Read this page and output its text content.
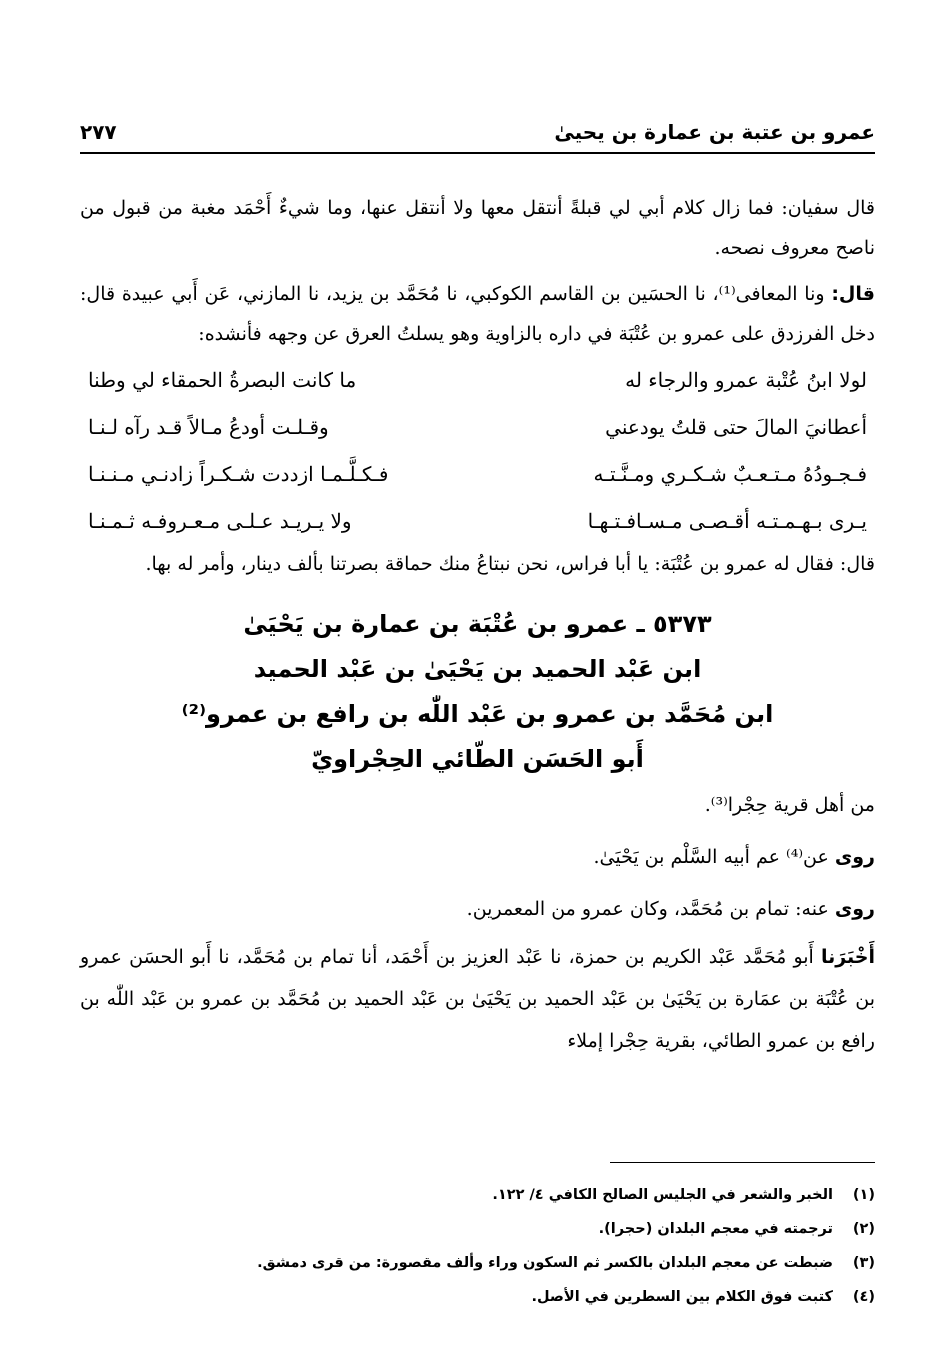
عمرو بن عتبة بن عمارة بن يحيىٰ
٢٧٧

قال سفيان: فما زال كلام أبي لي قبلةً أنتقل معها ولا أنتقل عنها، وما شيءٌ أَحْمَد مغبة من قبول من ناصح معروف نصحه.

قال: ونا المعافى⁽¹⁾، نا الحسَين بن القاسم الكوكبي، نا مُحَمَّد بن يزيد، نا المازني، عَن أَبي عبيدة قال: دخل الفرزدق على عمرو بن عُتْبَة في داره بالزاوية وهو يسلتُ العرق عن وجهه فأنشده:

لولا ابنُ عُتْبة عمرو والرجاء له
ما كانت البصرةُ الحمقاء لي وطنا
أعطانيَ المالَ حتى قلتُ يودعني
وقـلـت أودعُ مـالاً قـد رآه لـنـا
فـجـودُهُ مـتـعـبٌ شـكـري ومـنَّـتـه
فـكـلَّـمـا ازددت شـكـراً زادنـي مـنـنـا
يـرى بـهـمـتـه أقـصـى مـسـافـتـهـا
ولا يـريـد عـلـى مـعـروفـه ثـمـنـا

قال: فقال له عمرو بن عُتْبَة: يا أبا فراس، نحن نبتاعُ منك حماقة بصرتنا بألف دينار، وأمر له بها.

٥٣٧٣ ـ عمرو بن عُتْبَة بن عمارة بن يَحْيَىٰ
ابن عَبْد الحميد بن يَحْيَىٰ بن عَبْد الحميد
ابن مُحَمَّد بن عمرو بن عَبْد اللّٰه بن رافع بن عمرو⁽²⁾
أَبو الحَسَن الطّائي الحِجْراويّ

من أهل قرية حِجْرا⁽³⁾.

روى عن⁽⁴⁾ عم أبيه السَّلْم بن يَحْيَىٰ.

روى عنه: تمام بن مُحَمَّد، وكان عمرو من المعمرين.

أَخْبَرَنا أَبو مُحَمَّد عَبْد الكريم بن حمزة، نا عَبْد العزيز بن أَحْمَد، أنا تمام بن مُحَمَّد، نا أَبو الحسَن عمرو بن عُتْبَة بن عمَارة بن يَحْيَىٰ بن عَبْد الحميد بن يَحْيَىٰ بن عَبْد الحميد بن مُحَمَّد بن عمرو بن عَبْد اللّٰه بن رافع بن عمرو الطائي، بقرية حِجْرا إملاء

(١)
الخبر والشعر في الجليس الصالح الكافي ٤/ ١٢٢.
(٢)
ترجمته في معجم البلدان (حجرا).
(٣)
ضبطت عن معجم البلدان بالكسر ثم السكون وراء وألف مقصورة: من قرى دمشق.
(٤)
كتبت فوق الكلام بين السطرين في الأصل.
